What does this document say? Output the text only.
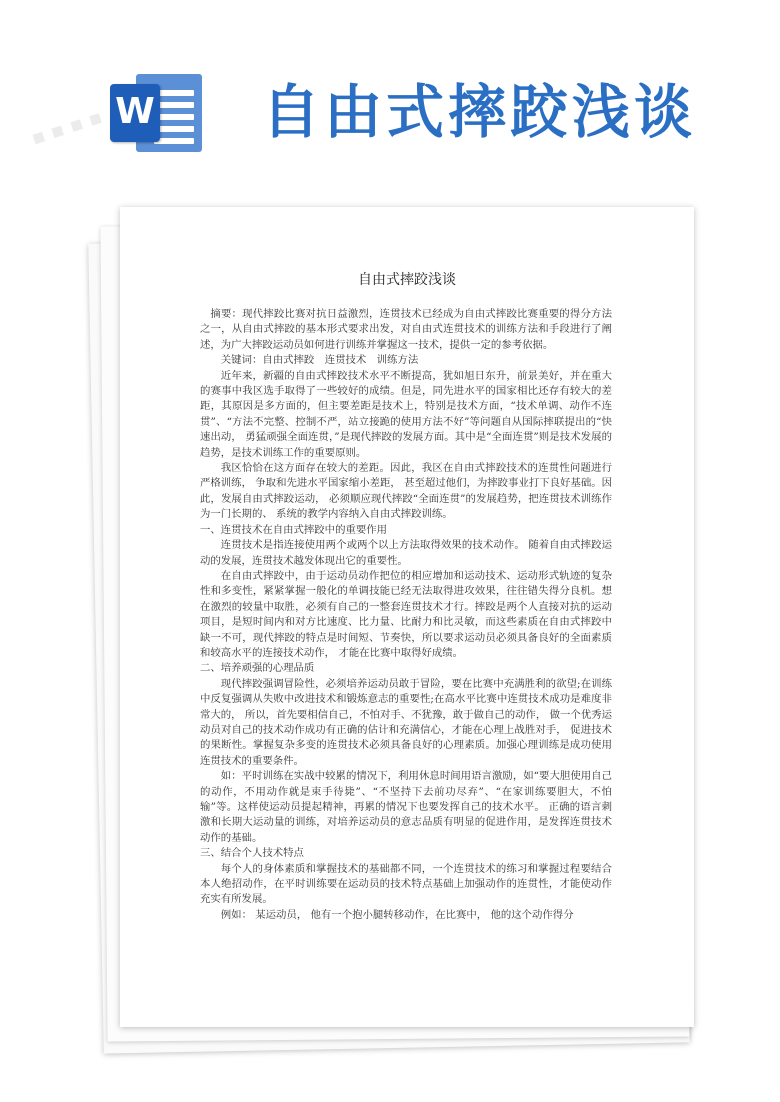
W 自由式摔跤浅谈
自由式摔跤浅谈

摘要：现代摔跤比赛对抗日益激烈，连贯技术已经成为自由式摔跤比赛重要的得分方法之一，从自由式摔跤的基本形式要求出发，对自由式连贯技术的训练方法和手段进行了阐述，为广大摔跤运动员如何进行训练并掌握这一技术，提供一定的参考依据。

关键词：自由式摔跤　连贯技术　训练方法

近年来，新疆的自由式摔跤技术水平不断提高，犹如旭日东升，前景美好，并在重大的赛事中我区选手取得了一些较好的成绩。但是，同先进水平的国家相比还存有较大的差距，其原因是多方面的，但主要差距是技术上，特别是技术方面，“技术单调、动作不连贯”、“方法不完整、控制不严，站立接跪的使用方法不好”等问题自从国际摔联提出的“快速出动， 勇猛顽强全面连贯，”是现代摔跤的发展方面。其中是“全面连贯”则是技术发展的趋势，是技术训练工作的重要原则。

我区恰恰在这方面存在较大的差距。因此，我区在自由式摔跤技术的连贯性问题进行严格训练， 争取和先进水平国家缩小差距， 甚至超过他们，为摔跤事业打下良好基础。因此，发展自由式摔跤运动， 必须顺应现代摔跤“全面连贯”的发展趋势，把连贯技术训练作为一门长期的、 系统的教学内容纳入自由式摔跤训练。

一、连贯技术在自由式摔跤中的重要作用

连贯技术是指连接使用两个或两个以上方法取得效果的技术动作。 随着自由式摔跤运动的发展，连贯技术越发体现出它的重要性。

在自由式摔跤中，由于运动员动作把位的相应增加和运动技术、运动形式轨迹的复杂性和多变性，紧紧掌握一般化的单调技能已经无法取得进攻效果，往往错失得分良机。想在激烈的较量中取胜，必须有自己的一整套连贯技术才行。摔跤是两个人直接对抗的运动项目，是短时间内和对方比速度、比力量、比耐力和比灵敏，而这些素质在自由式摔跤中缺一不可，现代摔跤的特点是时间短、节奏快，所以要求运动员必须具备良好的全面素质和较高水平的连接技术动作， 才能在比赛中取得好成绩。

二、培养顽强的心理品质

现代摔跤强调冒险性，必须培养运动员敢于冒险，要在比赛中充满胜利的欲望;在训练中反复强调从失败中改进技术和锻炼意志的重要性;在高水平比赛中连贯技术成功是难度非常大的， 所以，首先要相信自己，不怕对手、不犹豫，敢于做自己的动作， 做一个优秀运动员对自己的技术动作成功有正确的估计和充满信心，才能在心理上战胜对手， 促进技术的果断性。掌握复杂多变的连贯技术必须具备良好的心理素质。加强心理训练是成功使用连贯技术的重要条件。

如：平时训练在实战中较累的情况下，利用休息时间用语言激励，如“要大胆使用自己的动作，不用动作就是束手待毙”、“不坚持下去前功尽弃”、“在家训练要胆大，不怕输”等。这样使运动员提起精神，再累的情况下也要发挥自己的技术水平。 正确的语言刺激和长期大运动量的训练，对培养运动员的意志品质有明显的促进作用，是发挥连贯技术动作的基础。

三、结合个人技术特点

每个人的身体素质和掌握技术的基础都不同，一个连贯技术的练习和掌握过程要结合本人绝招动作，在平时训练要在运动员的技术特点基础上加强动作的连贯性，才能使动作充实有所发展。

例如： 某运动员， 他有一个抱小腿转移动作，在比赛中， 他的这个动作得分

▪ ▪ ▪ ▪
